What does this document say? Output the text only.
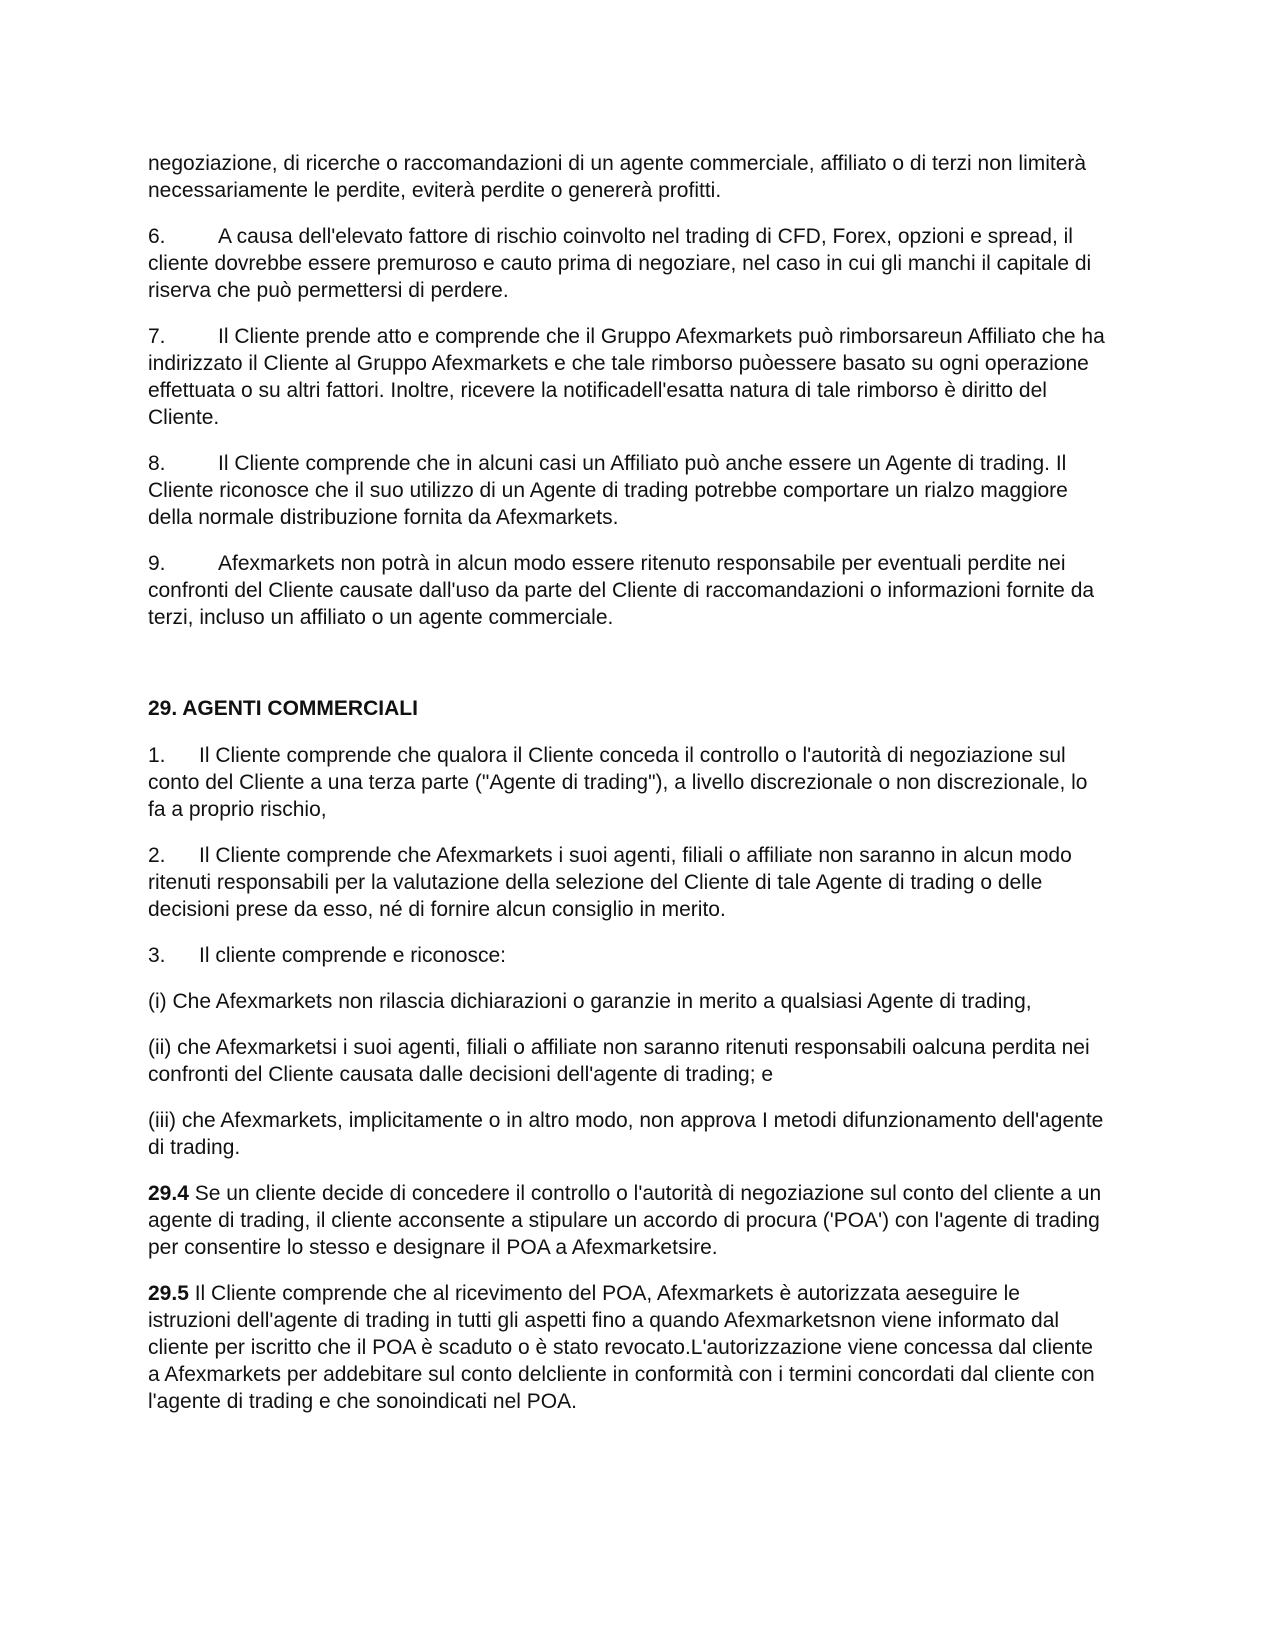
negoziazione, di ricerche o raccomandazioni di un agente commerciale, affiliato o di terzi non limiterà necessariamente le perdite, eviterà perdite o genererà profitti.

6. A causa dell'elevato fattore di rischio coinvolto nel trading di CFD, Forex, opzioni e spread, il cliente dovrebbe essere premuroso e cauto prima di negoziare, nel caso in cui gli manchi il capitale di riserva che può permettersi di perdere.

7. Il Cliente prende atto e comprende che il Gruppo Afexmarkets può rimborsareun Affiliato che ha indirizzato il Cliente al Gruppo Afexmarkets e che tale rimborso puòessere basato su ogni operazione effettuata o su altri fattori. Inoltre, ricevere la notificadell'esatta natura di tale rimborso è diritto del Cliente.

8. Il Cliente comprende che in alcuni casi un Affiliato può anche essere un Agente di trading. Il Cliente riconosce che il suo utilizzo di un Agente di trading potrebbe comportare un rialzo maggiore della normale distribuzione fornita da Afexmarkets.

9. Afexmarkets non potrà in alcun modo essere ritenuto responsabile per eventuali perdite nei confronti del Cliente causate dall'uso da parte del Cliente di raccomandazioni o informazioni fornite da terzi, incluso un affiliato o un agente commerciale.

29. AGENTI COMMERCIALI

1. Il Cliente comprende che qualora il Cliente conceda il controllo o l'autorità di negoziazione sul conto del Cliente a una terza parte ("Agente di trading"), a livello discrezionale o non discrezionale, lo fa a proprio rischio,

2. Il Cliente comprende che Afexmarkets i suoi agenti, filiali o affiliate non saranno in alcun modo ritenuti responsabili per la valutazione della selezione del Cliente di tale Agente di trading o delle decisioni prese da esso, né di fornire alcun consiglio in merito.

3. Il cliente comprende e riconosce:

(i) Che Afexmarkets non rilascia dichiarazioni o garanzie in merito a qualsiasi Agente di trading,

(ii) che Afexmarketsi i suoi agenti, filiali o affiliate non saranno ritenuti responsabili oalcuna perdita nei confronti del Cliente causata dalle decisioni dell'agente di trading; e

(iii) che Afexmarkets, implicitamente o in altro modo, non approva I metodi difunzionamento dell'agente di trading.

29.4 Se un cliente decide di concedere il controllo o l'autorità di negoziazione sul conto del cliente a un agente di trading, il cliente acconsente a stipulare un accordo di procura ('POA') con l'agente di trading per consentire lo stesso e designare il POA a Afexmarketsire.

29.5 Il Cliente comprende che al ricevimento del POA, Afexmarkets è autorizzata aeseguire le istruzioni dell'agente di trading in tutti gli aspetti fino a quando Afexmarketsnon viene informato dal cliente per iscritto che il POA è scaduto o è stato revocato.L'autorizzazione viene concessa dal cliente a Afexmarkets per addebitare sul conto delcliente in conformità con i termini concordati dal cliente con l'agente di trading e che sonoindicati nel POA.
